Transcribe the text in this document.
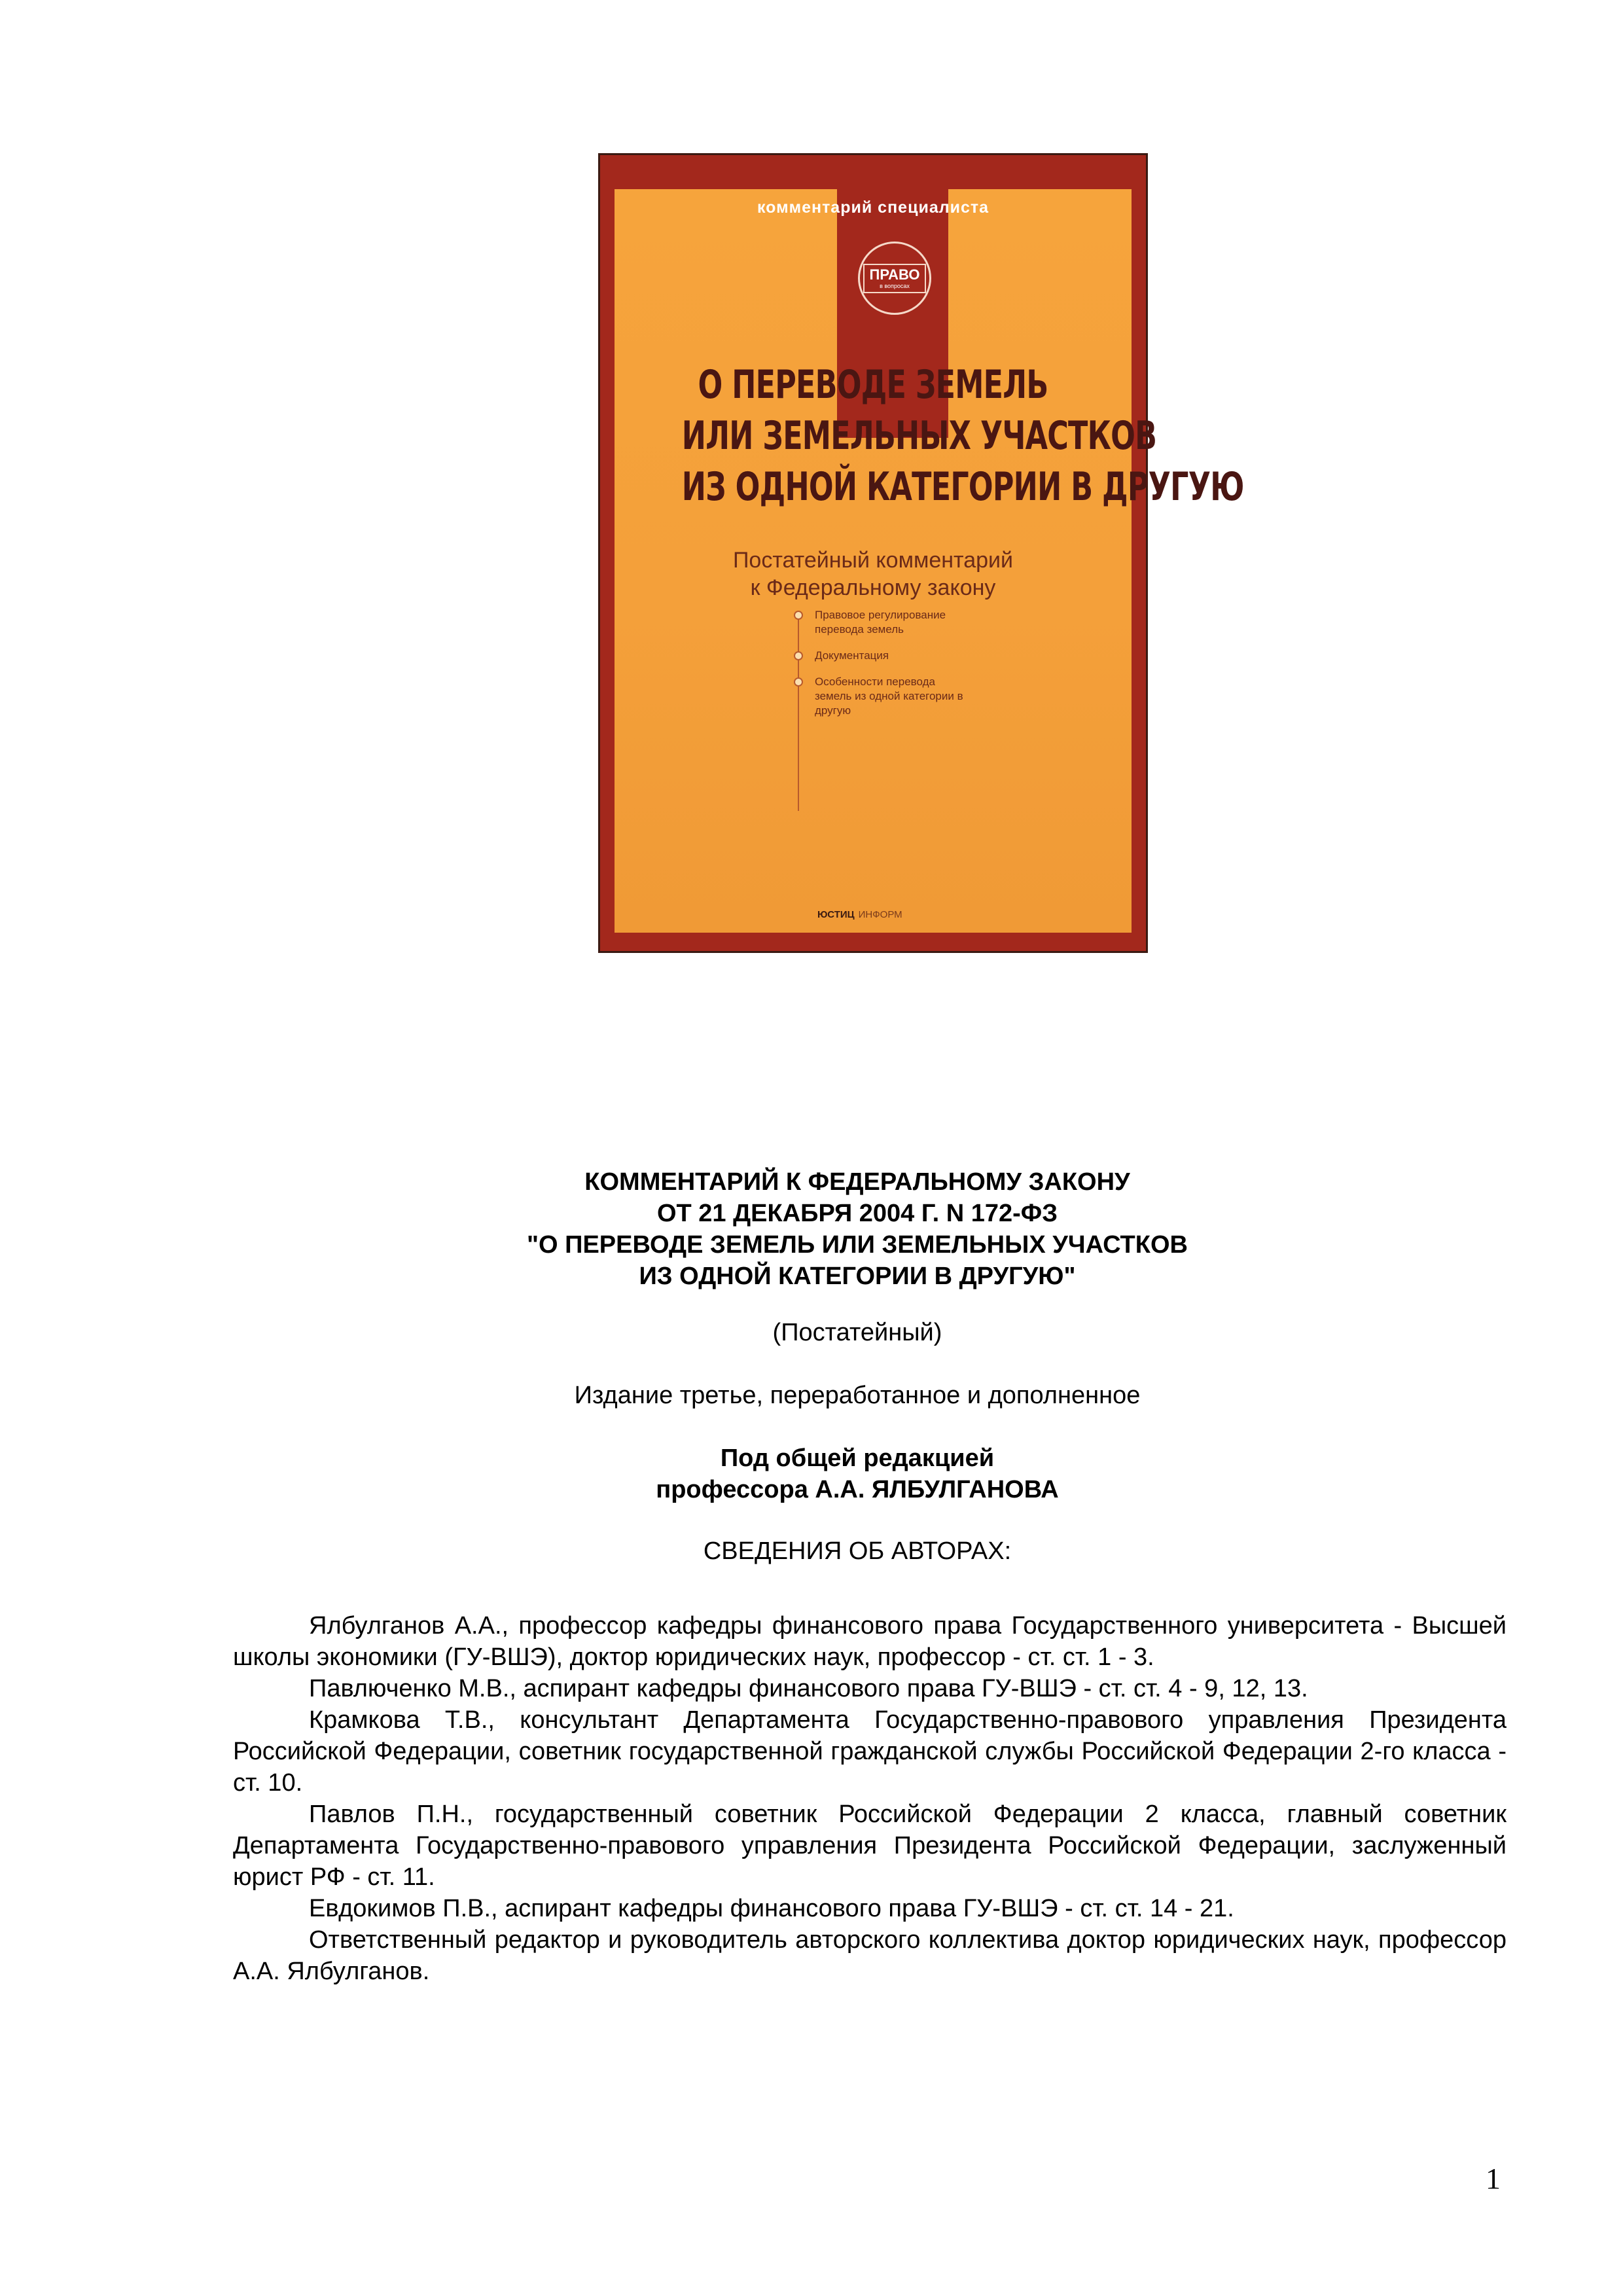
комментарий специалиста
ПРАВО
в вопросах
О ПЕРЕВОДЕ ЗЕМЕЛЬ
ИЛИ ЗЕМЕЛЬНЫХ УЧАСТКОВ
ИЗ ОДНОЙ КАТЕГОРИИ В ДРУГУЮ
Постатейный комментарий
к Федеральному закону
Правовое регулирование перевода земель
Документация
Особенности перевода земель из одной категории в другую
ЮСТИЦ ИНФОРМ
КОММЕНТАРИЙ К ФЕДЕРАЛЬНОМУ ЗАКОНУ
ОТ 21 ДЕКАБРЯ 2004 Г. N 172-ФЗ
"О ПЕРЕВОДЕ ЗЕМЕЛЬ ИЛИ ЗЕМЕЛЬНЫХ УЧАСТКОВ
ИЗ ОДНОЙ КАТЕГОРИИ В ДРУГУЮ"
(Постатейный)
Издание третье, переработанное и дополненное
Под общей редакцией
профессора А.А. ЯЛБУЛГАНОВА
СВЕДЕНИЯ ОБ АВТОРАХ:

Ялбулганов А.А., профессор кафедры финансового права Государственного университета - Высшей школы экономики (ГУ-ВШЭ), доктор юридических наук, профессор - ст. ст. 1 - 3.

Павлюченко М.В., аспирант кафедры финансового права ГУ-ВШЭ - ст. ст. 4 - 9, 12, 13.

Крамкова Т.В., консультант Департамента Государственно-правового управления Президента Российской Федерации, советник государственной гражданской службы Российской Федерации 2-го класса - ст. 10.

Павлов П.Н., государственный советник Российской Федерации 2 класса, главный советник Департамента Государственно-правового управления Президента Российской Федерации, заслуженный юрист РФ - ст. 11.

Евдокимов П.В., аспирант кафедры финансового права ГУ-ВШЭ - ст. ст. 14 - 21.

Ответственный редактор и руководитель авторского коллектива доктор юридических наук, профессор А.А. Ялбулганов.

1
